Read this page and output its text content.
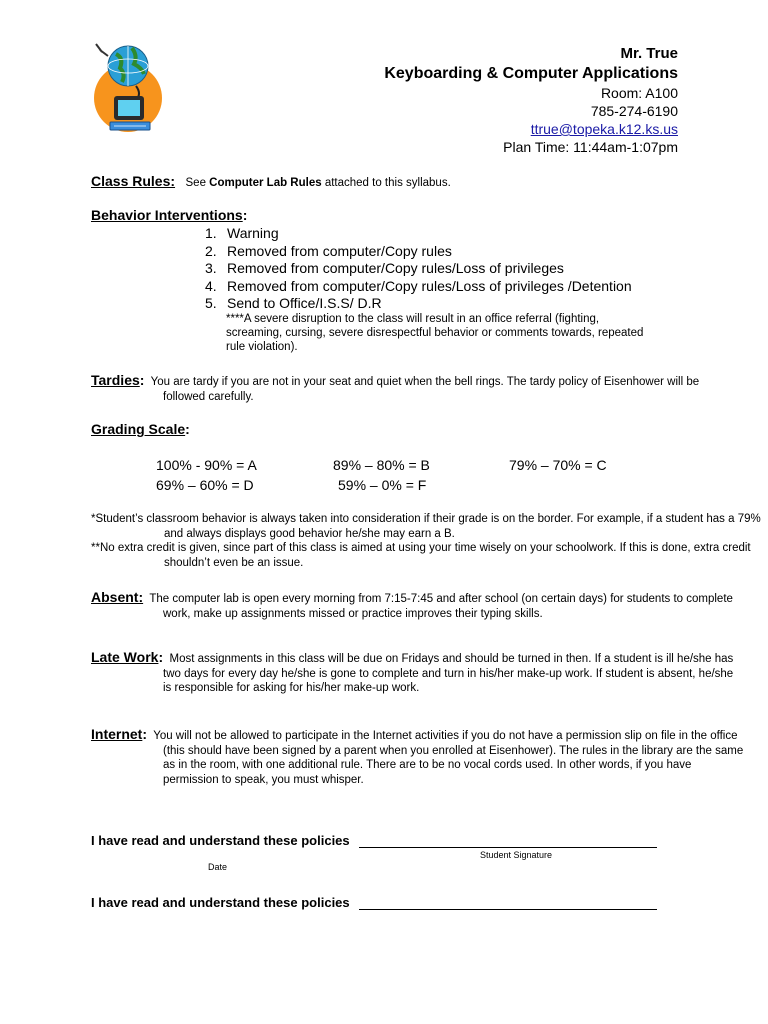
Mr. True
Keyboarding & Computer Applications
Room: A100
785-274-6190
ttrue@topeka.k12.ks.us
Plan Time: 11:44am-1:07pm
Class Rules: See Computer Lab Rules attached to this syllabus.
Behavior Interventions:
1. Warning
2. Removed from computer/Copy rules
3. Removed from computer/Copy rules/Loss of privileges
4. Removed from computer/Copy rules/Loss of privileges /Detention
5. Send to Office/I.S.S/ D.R
****A severe disruption to the class will result in an office referral (fighting, screaming, cursing, severe disrespectful behavior or comments towards, repeated rule violation).
Tardies: You are tardy if you are not in your seat and quiet when the bell rings. The tardy policy of Eisenhower will be followed carefully.
Grading Scale:
100% - 90% = A	89% – 80% = B	79% – 70% = C
69% – 60% = D	59% – 0% = F
*Student’s classroom behavior is always taken into consideration if their grade is on the border. For example, if a student has a 79% and always displays good behavior he/she may earn a B.
**No extra credit is given, since part of this class is aimed at using your time wisely on your schoolwork. If this is done, extra credit shouldn’t even be an issue.
Absent: The computer lab is open every morning from 7:15-7:45 and after school (on certain days) for students to complete work, make up assignments missed or practice improves their typing skills.
Late Work: Most assignments in this class will be due on Fridays and should be turned in then. If a student is ill he/she has two days for every day he/she is gone to complete and turn in his/her make-up work. If student is absent, he/she is responsible for asking for his/her make-up work.
Internet: You will not be allowed to participate in the Internet activities if you do not have a permission slip on file in the office (this should have been signed by a parent when you enrolled at Eisenhower). The rules in the library are the same as in the room, with one additional rule. There are to be no vocal cords used. In other words, if you have permission to speak, you must whisper.
I have read and understand these policies
Student Signature
Date
I have read and understand these policies
